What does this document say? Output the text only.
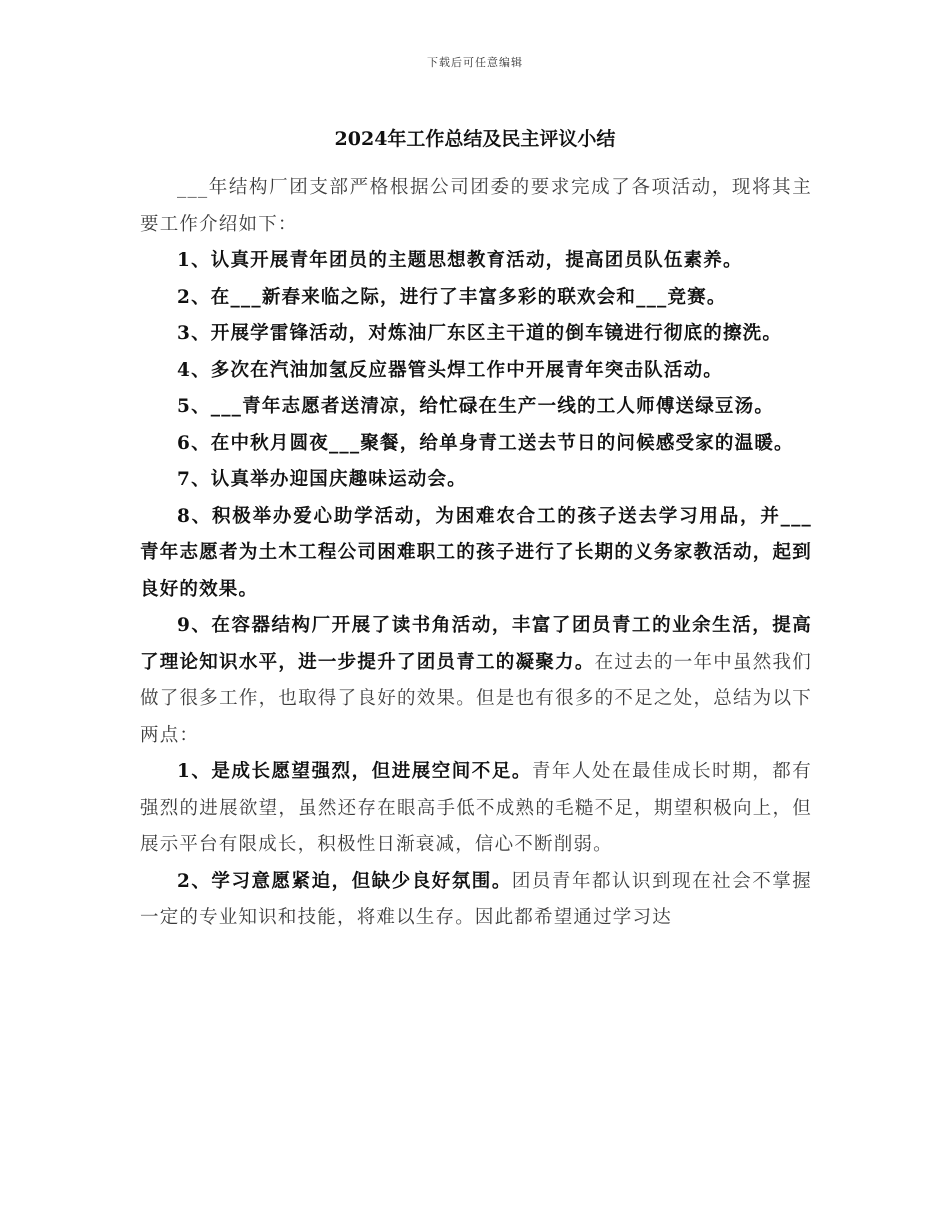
下载后可任意编辑
2024年工作总结及民主评议小结

___年结构厂团支部严格根据公司团委的要求完成了各项活动，现将其主要工作介绍如下：

1、认真开展青年团员的主题思想教育活动，提高团员队伍素养。

2、在___新春来临之际，进行了丰富多彩的联欢会和___竞赛。

3、开展学雷锋活动，对炼油厂东区主干道的倒车镜进行彻底的擦洗。

4、多次在汽油加氢反应器管头焊工作中开展青年突击队活动。

5、___青年志愿者送清凉，给忙碌在生产一线的工人师傅送绿豆汤。

6、在中秋月圆夜___聚餐，给单身青工送去节日的问候感受家的温暖。

7、认真举办迎国庆趣味运动会。

8、积极举办爱心助学活动，为困难农合工的孩子送去学习用品，并___青年志愿者为土木工程公司困难职工的孩子进行了长期的义务家教活动，起到良好的效果。

9、在容器结构厂开展了读书角活动，丰富了团员青工的业余生活，提高了理论知识水平，进一步提升了团员青工的凝聚力。在过去的一年中虽然我们做了很多工作，也取得了良好的效果。但是也有很多的不足之处，总结为以下两点：

1、是成长愿望强烈，但进展空间不足。青年人处在最佳成长时期，都有强烈的进展欲望，虽然还存在眼高手低不成熟的毛糙不足，期望积极向上，但展示平台有限成长，积极性日渐衰减，信心不断削弱。

2、学习意愿紧迫，但缺少良好氛围。团员青年都认识到现在社会不掌握一定的专业知识和技能，将难以生存。因此都希望通过学习达
